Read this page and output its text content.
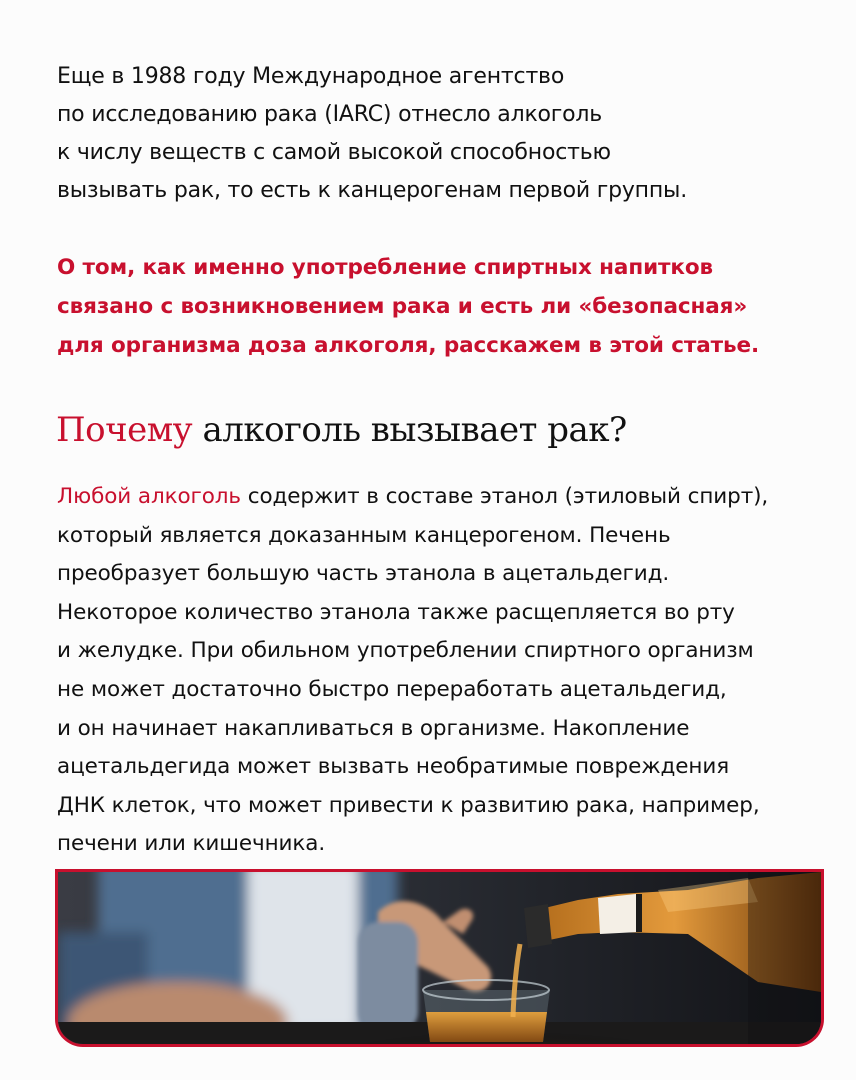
Еще в 1988 году Международное агентство
по исследованию рака (IARC) отнесло алкоголь
к числу веществ с самой высокой способностью
вызывать рак, то есть к канцерогенам первой группы.
О том, как именно употребление спиртных напитков
связано с возникновением рака и есть ли «безопасная»
для организма доза алкоголя, расскажем в этой статье.
Почему алкоголь вызывает рак?
Любой алкоголь содержит в составе этанол (этиловый спирт),
который является доказанным канцерогеном. Печень
преобразует большую часть этанола в ацетальдегид.
Некоторое количество этанола также расщепляется во рту
и желудке. При обильном употреблении спиртного организм
не может достаточно быстро переработать ацетальдегид,
и он начинает накапливаться в организме. Накопление
ацетальдегида может вызвать необратимые повреждения
ДНК клеток, что может привести к развитию рака, например,
печени или кишечника.
